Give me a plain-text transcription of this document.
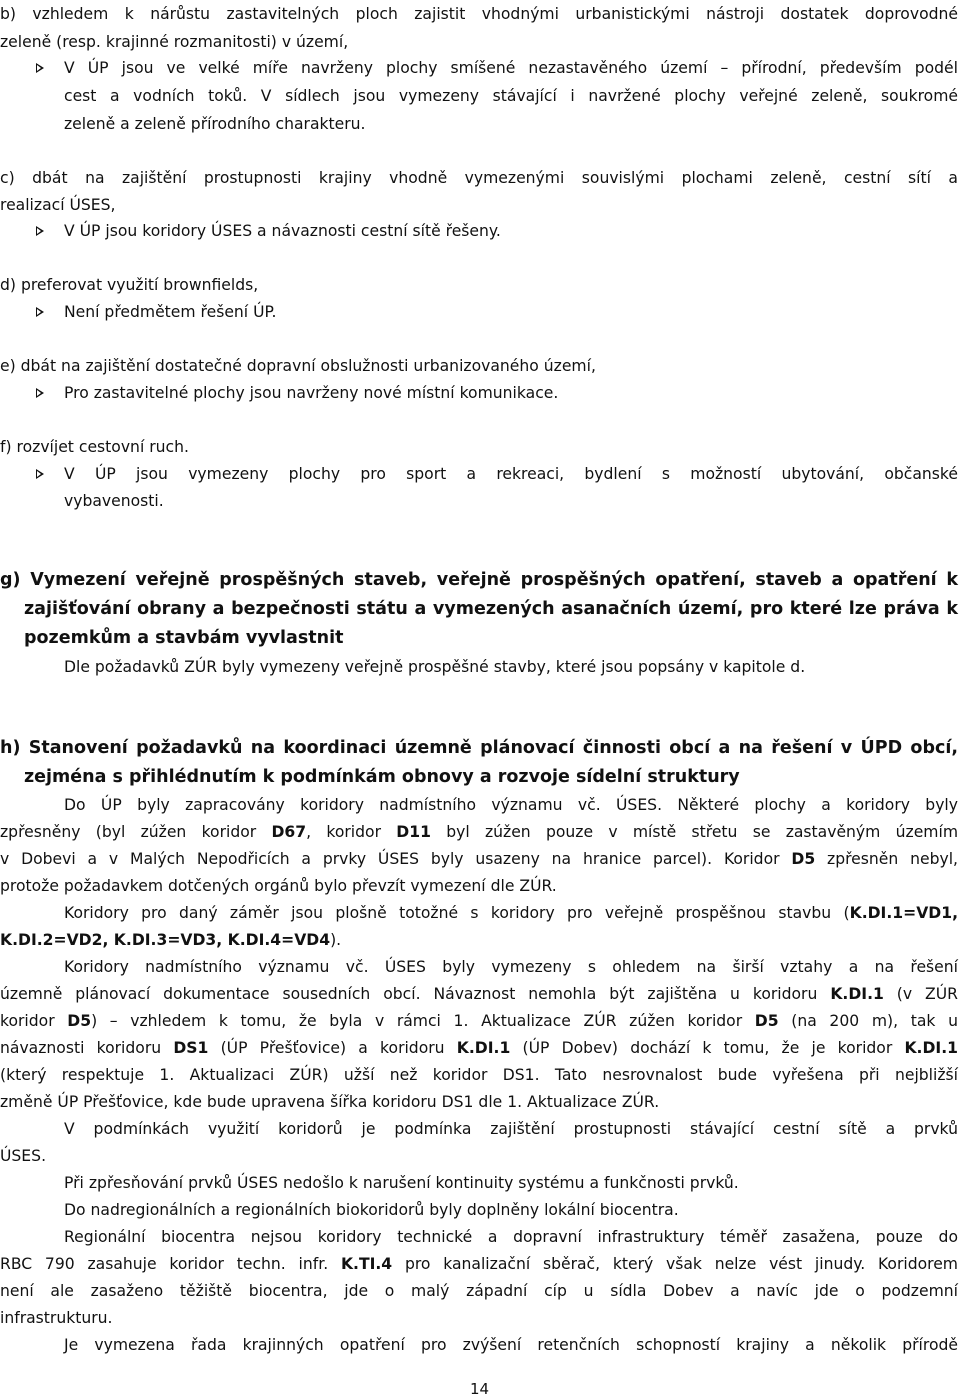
b) vzhledem k nárůstu zastavitelných ploch zajistit vhodnými urbanistickými nástroji dostatek doprovodné
zeleně (resp. krajinné rozmanitosti) v území,
V ÚP jsou ve velké míře navrženy plochy smíšené nezastavěného území – přírodní, především podél
cest a vodních toků. V sídlech jsou vymezeny stávající i navržené plochy veřejné zeleně, soukromé
zeleně a zeleně přírodního charakteru.
c) dbát na zajištění prostupnosti krajiny vhodně vymezenými souvislými plochami zeleně, cestní sítí a
realizací ÚSES,
V ÚP jsou koridory ÚSES a návaznosti cestní sítě řešeny.
d) preferovat využití brownfields,
Není předmětem řešení ÚP.
e) dbát na zajištění dostatečné dopravní obslužnosti urbanizovaného území,
Pro zastavitelné plochy jsou navrženy nové místní komunikace.
f) rozvíjet cestovní ruch.
V ÚP jsou vymezeny plochy pro sport a rekreaci, bydlení s možností ubytování, občanské
vybavenosti.
g) Vymezení veřejně prospěšných staveb, veřejně prospěšných opatření, staveb a opatření k
zajišťování obrany a bezpečnosti státu a vymezených asanačních území, pro které lze práva k
pozemkům a stavbám vyvlastnit
Dle požadavků ZÚR byly vymezeny veřejně prospěšné stavby, které jsou popsány v kapitole d.
h) Stanovení požadavků na koordinaci územně plánovací činnosti obcí a na řešení v ÚPD obcí,
zejména s přihlédnutím k podmínkám obnovy a rozvoje sídelní struktury
Do ÚP byly zapracovány koridory nadmístního významu vč. ÚSES. Některé plochy a koridory byly
zpřesněny (byl zúžen koridor D67, koridor D11 byl zúžen pouze v místě střetu se zastavěným územím
v Dobevi a v Malých Nepodřicích a prvky ÚSES byly usazeny na hranice parcel). Koridor D5 zpřesněn nebyl,
protože požadavkem dotčených orgánů bylo převzít vymezení dle ZÚR.
Koridory pro daný záměr jsou plošně totožné s koridory pro veřejně prospěšnou stavbu (K.DI.1=VD1,
K.DI.2=VD2, K.DI.3=VD3, K.DI.4=VD4).
Koridory nadmístního významu vč. ÚSES byly vymezeny s ohledem na širší vztahy a na řešení
územně plánovací dokumentace sousedních obcí. Návaznost nemohla být zajištěna u koridoru K.DI.1 (v ZÚR
koridor D5) – vzhledem k tomu, že byla v rámci 1. Aktualizace ZÚR zúžen koridor D5 (na 200 m), tak u
návaznosti koridoru DS1 (ÚP Přešťovice) a koridoru K.DI.1 (ÚP Dobev) dochází k tomu, že je koridor K.DI.1
(který respektuje 1. Aktualizaci ZÚR) užší než koridor DS1. Tato nesrovnalost bude vyřešena při nejbližší
změně ÚP Přešťovice, kde bude upravena šířka koridoru DS1 dle 1. Aktualizace ZÚR.
V podmínkách využití koridorů je podmínka zajištění prostupnosti stávající cestní sítě a prvků
ÚSES.
Při zpřesňování prvků ÚSES nedošlo k narušení kontinuity systému a funkčnosti prvků.
Do nadregionálních a regionálních biokoridorů byly doplněny lokální biocentra.
Regionální biocentra nejsou koridory technické a dopravní infrastruktury téměř zasažena, pouze do
RBC 790 zasahuje koridor techn. infr. K.TI.4 pro kanalizační sběrač, který však nelze vést jinudy. Koridorem
není ale zasaženo těžiště biocentra, jde o malý západní cíp u sídla Dobev a navíc jde o podzemní
infrastrukturu.
Je vymezena řada krajinných opatření pro zvýšení retenčních schopností krajiny a několik přírodě
14
